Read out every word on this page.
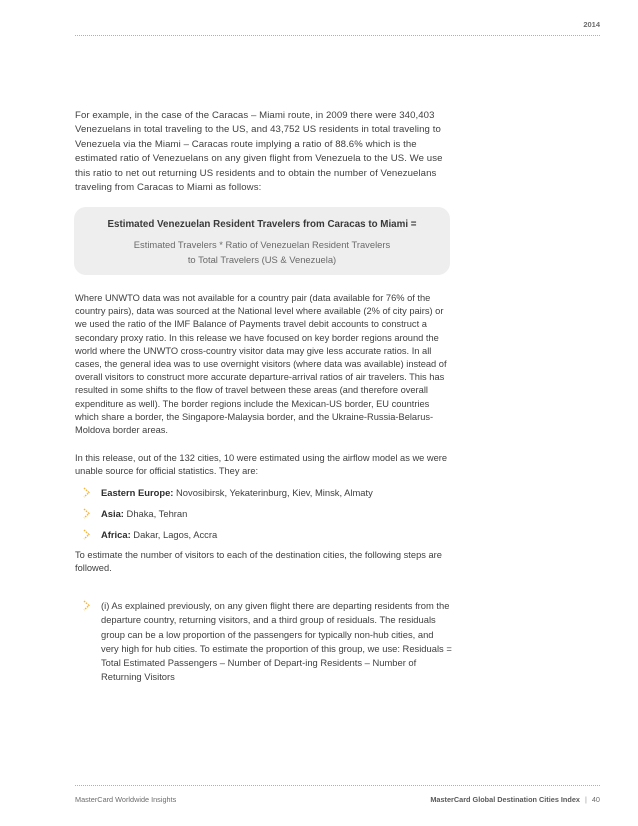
2014

For example, in the case of the Caracas – Miami route, in 2009 there were 340,403 Venezuelans in total traveling to the US, and 43,752 US residents in total traveling to Venezuela via the Miami – Caracas route implying a ratio of 88.6% which is the estimated ratio of Venezuelans on any given flight from Venezuela to the US. We use this ratio to net out returning US residents and to obtain the number of Venezuelans traveling from Caracas to Miami as follows:

Estimated Venezuelan Resident Travelers from Caracas to Miami =

Estimated Travelers * Ratio of Venezuelan Resident Travelers

to Total Travelers (US & Venezuela)

Where UNWTO data was not available for a country pair (data available for 76% of the country pairs), data was sourced at the National level where available (2% of city pairs) or we used the ratio of the IMF Balance of Payments travel debit accounts to construct a secondary proxy ratio. In this release we have focused on key border regions around the world where the UNWTO cross-country visitor data may give less accurate ratios. In all cases, the general idea was to use overnight visitors (where data was available) instead of overall visitors to construct more accurate departure-arrival ratios of air travelers. This has resulted in some shifts to the flow of travel between these areas (and therefore overall expenditure as well). The border regions include the Mexican-US border, EU countries which share a border, the Singapore-Malaysia border, and the Ukraine-Russia-Belarus-Moldova border areas.

In this release, out of the 132 cities, 10 were estimated using the airflow model as we were unable source for official statistics. They are:

Eastern Europe: Novosibirsk, Yekaterinburg, Kiev, Minsk, Almaty
Asia: Dhaka, Tehran
Africa: Dakar, Lagos, Accra

To estimate the number of visitors to each of the destination cities, the following steps are followed.

(i) As explained previously, on any given flight there are departing residents from the departure country, returning visitors, and a third group of residuals. The residuals group can be a low proportion of the passengers for typically non-hub cities, and very high for hub cities. To estimate the proportion of this group, we use: Residuals = Total Estimated Passengers – Number of Depart-ing Residents – Number of Returning Visitors
MasterCard Worldwide Insights	MasterCard Global Destination Cities Index | 40
